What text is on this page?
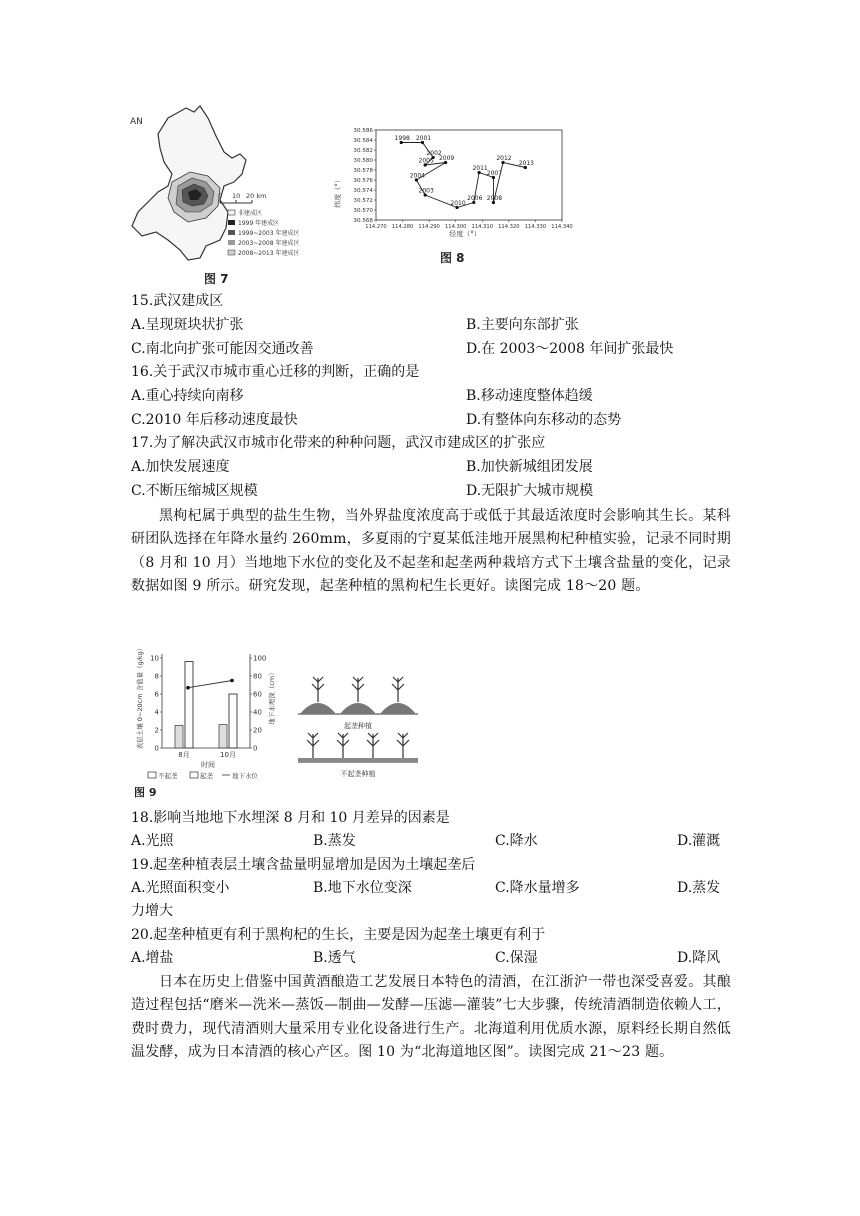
AN
0 10 20 km
非建成区
1999 年建成区
1999~2003 年建成区
2003~2008 年建成区
2008~2013 年建成区
图 7
纬度（°）
经度（°）
图 8
114.270 114.280 114.290 114.300 114.310 114.320 114.330 114.340
30.586
30.584
30.582
30.580
30.578
30.576
30.574
30.572
30.570
30.568
1998 2001
2002
2005 2009
2004
2003
2010
2006
2011
2007
2008
2012
2013
15.武汉建成区
A.呈现斑块状扩张	B.主要向东部扩张
C.南北向扩张可能因交通改善	D.在 2003～2008 年间扩张最快
16.关于武汉市城市重心迁移的判断，正确的是
A.重心持续向南移	B.移动速度整体趋缓
C.2010 年后移动速度最快	D.有整体向东移动的态势
17.为了解决武汉市城市化带来的种种问题，武汉市建成区的扩张应
A.加快发展速度	B.加快新城组团发展
C.不断压缩城区规模	D.无限扩大城市规模
黑枸杞属于典型的盐生生物，当外界盐度浓度高于或低于其最适浓度时会影响其生长。某科研团队选择在年降水量约 260mm，多夏雨的宁夏某低洼地开展黑枸杞种植实验，记录不同时期（8 月和 10 月）当地地下水位的变化及不起垄和起垄两种栽培方式下土壤含盐量的变化，记录数据如图 9 所示。研究发现，起垄种植的黑枸杞生长更好。读图完成 18～20 题。
表层土壤 0~20cm 含盐量（g/kg）	地下水埋深（cm）
时间
不起垄	起垄	地下水位
起垄种植
不起垄种植
图 9
0
2
4
6
8
10
0
20
40
60
80
100
8月	10月
18.影响当地地下水埋深 8 月和 10 月差异的因素是
A.光照	B.蒸发	C.降水	D.灌溉
19.起垄种植表层土壤含盐量明显增加是因为土壤起垄后
A.光照面积变小	B.地下水位变深	C.降水量增多	D.蒸发
力增大
20.起垄种植更有利于黑枸杞的生长，主要是因为起垄土壤更有利于
A.增盐	B.透气	C.保湿	D.降风
日本在历史上借鉴中国黄酒酿造工艺发展日本特色的清酒，在江浙沪一带也深受喜爱。其酿造过程包括“磨米—洗米—蒸饭—制曲—发酵—压滤—灌装”七大步骤，传统清酒制造依赖人工，费时费力，现代清酒则大量采用专业化设备进行生产。北海道利用优质水源，原料经长期自然低温发酵，成为日本清酒的核心产区。图 10 为“北海道地区图”。读图完成 21～23 题。
